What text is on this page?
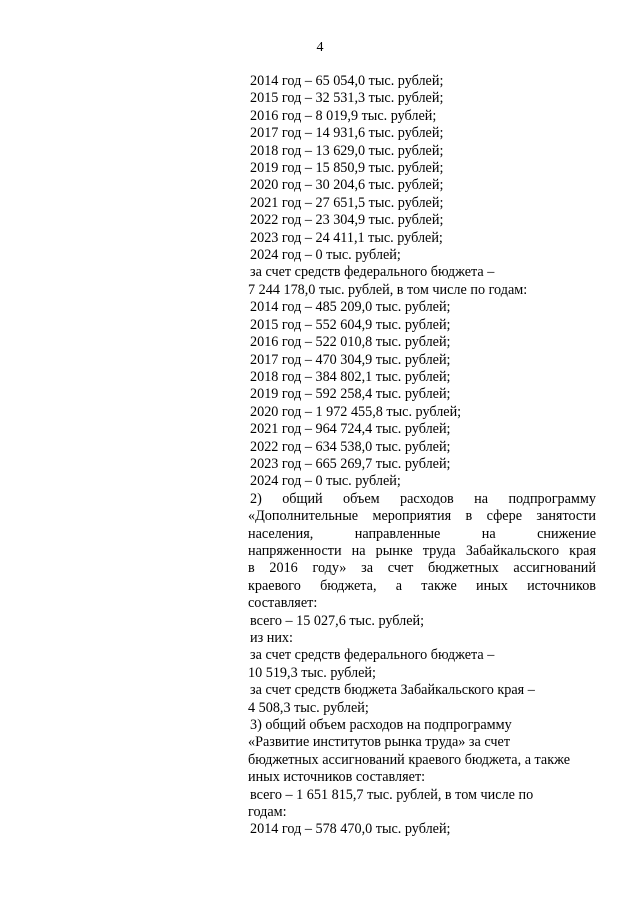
4
2014 год – 65 054,0 тыс. рублей;
2015 год – 32 531,3 тыс. рублей;
2016 год – 8 019,9 тыс. рублей;
2017 год – 14 931,6 тыс. рублей;
2018 год – 13 629,0 тыс. рублей;
2019 год – 15 850,9 тыс. рублей;
2020 год – 30 204,6 тыс. рублей;
2021 год – 27 651,5 тыс. рублей;
2022 год – 23 304,9 тыс. рублей;
2023 год – 24 411,1 тыс. рублей;
2024 год – 0 тыс. рублей;
за счет средств федерального бюджета –
7 244 178,0 тыс. рублей, в том числе по годам:
2014 год – 485 209,0 тыс. рублей;
2015 год – 552 604,9 тыс. рублей;
2016 год – 522 010,8 тыс. рублей;
2017 год – 470 304,9 тыс. рублей;
2018 год – 384 802,1 тыс. рублей;
2019 год – 592 258,4 тыс. рублей;
2020 год – 1 972 455,8 тыс. рублей;
2021 год – 964 724,4 тыс. рублей;
2022 год – 634 538,0 тыс. рублей;
2023 год – 665 269,7 тыс. рублей;
2024 год – 0 тыс. рублей;
2) общий объем расходов на подпрограмму
«Дополнительные мероприятия в сфере занятости
населения, направленные на снижение
напряженности на рынке труда Забайкальского края
в 2016 году» за счет бюджетных ассигнований
краевого бюджета, а также иных источников
составляет:
всего – 15 027,6 тыс. рублей;
из них:
за счет средств федерального бюджета –
10 519,3 тыс. рублей;
за счет средств бюджета Забайкальского края –
4 508,3 тыс. рублей;
3) общий объем расходов на подпрограмму
«Развитие институтов рынка труда» за счет
бюджетных ассигнований краевого бюджета, а также
иных источников составляет:
всего – 1 651 815,7 тыс. рублей, в том числе по
годам:
2014 год – 578 470,0 тыс. рублей;
